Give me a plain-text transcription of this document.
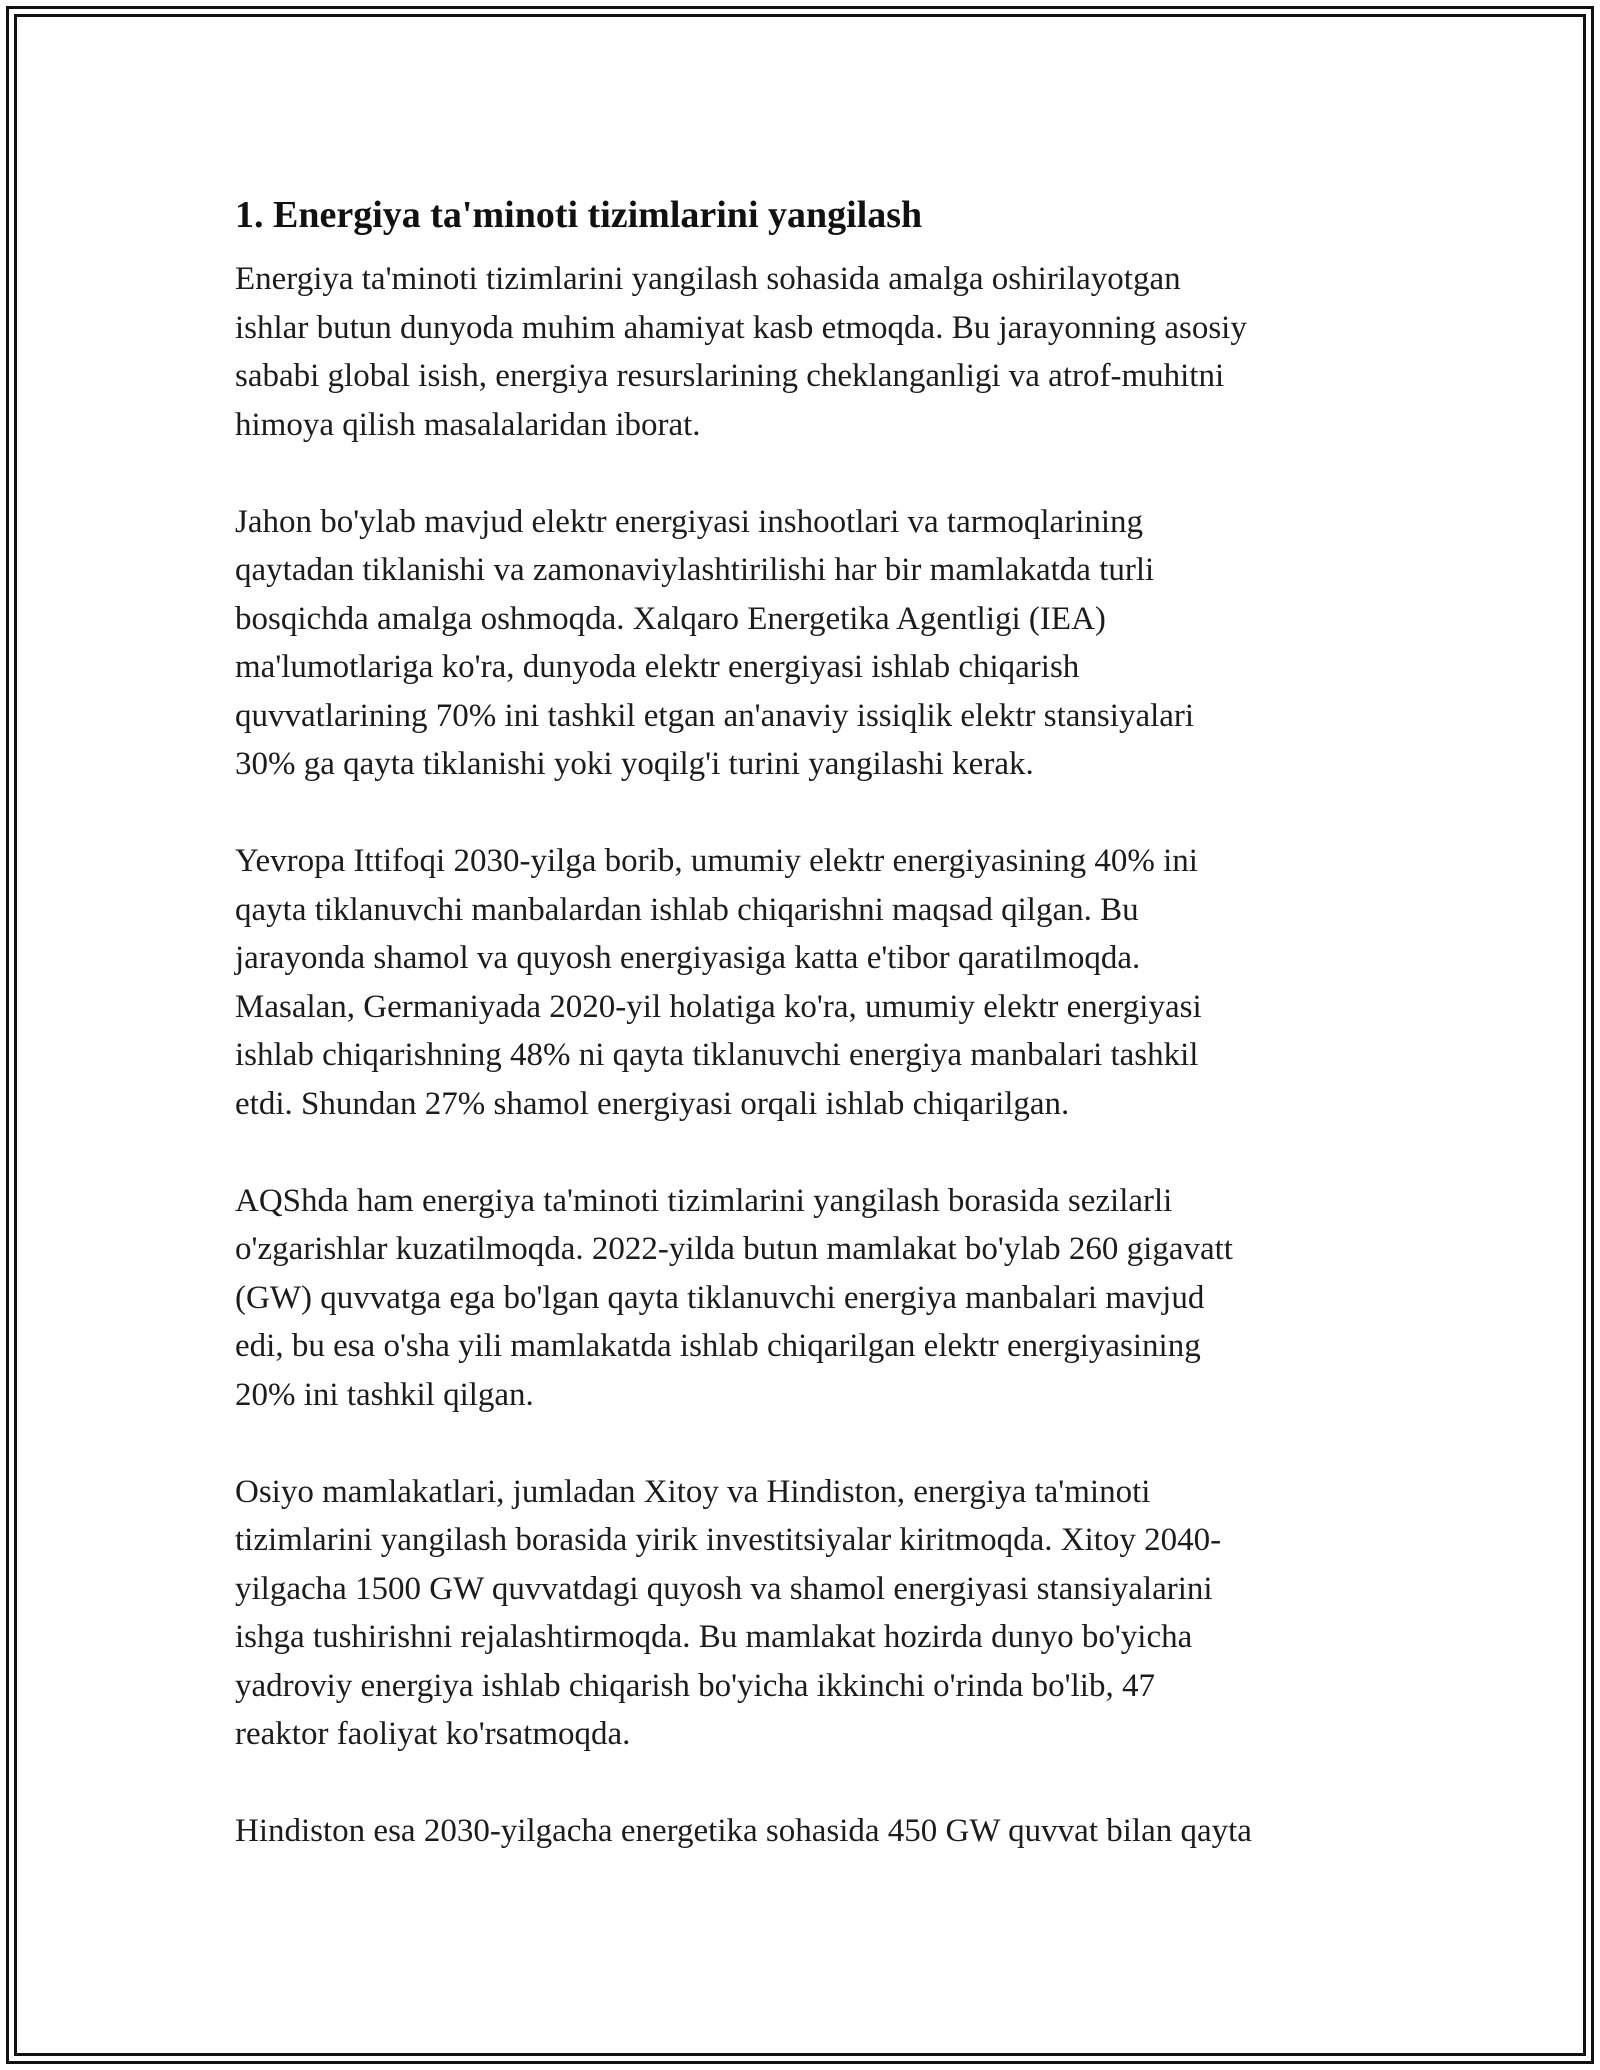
1. Energiya ta'minoti tizimlarini yangilash

Energiya ta'minoti tizimlarini yangilash sohasida amalga oshirilayotgan
ishlar butun dunyoda muhim ahamiyat kasb etmoqda. Bu jarayonning asosiy
sababi global isish, energiya resurslarining cheklanganligi va atrof-muhitni
himoya qilish masalalaridan iborat.

Jahon bo'ylab mavjud elektr energiyasi inshootlari va tarmoqlarining
qaytadan tiklanishi va zamonaviylashtirilishi har bir mamlakatda turli
bosqichda amalga oshmoqda. Xalqaro Energetika Agentligi (IEA)
ma'lumotlariga ko'ra, dunyoda elektr energiyasi ishlab chiqarish
quvvatlarining 70% ini tashkil etgan an'anaviy issiqlik elektr stansiyalari
30% ga qayta tiklanishi yoki yoqilg'i turini yangilashi kerak.

Yevropa Ittifoqi 2030-yilga borib, umumiy elektr energiyasining 40% ini
qayta tiklanuvchi manbalardan ishlab chiqarishni maqsad qilgan. Bu
jarayonda shamol va quyosh energiyasiga katta e'tibor qaratilmoqda.
Masalan, Germaniyada 2020-yil holatiga ko'ra, umumiy elektr energiyasi
ishlab chiqarishning 48% ni qayta tiklanuvchi energiya manbalari tashkil
etdi. Shundan 27% shamol energiyasi orqali ishlab chiqarilgan.

AQShda ham energiya ta'minoti tizimlarini yangilash borasida sezilarli
o'zgarishlar kuzatilmoqda. 2022-yilda butun mamlakat bo'ylab 260 gigavatt
(GW) quvvatga ega bo'lgan qayta tiklanuvchi energiya manbalari mavjud
edi, bu esa o'sha yili mamlakatda ishlab chiqarilgan elektr energiyasining
20% ini tashkil qilgan.

Osiyo mamlakatlari, jumladan Xitoy va Hindiston, energiya ta'minoti
tizimlarini yangilash borasida yirik investitsiyalar kiritmoqda. Xitoy 2040-
yilgacha 1500 GW quvvatdagi quyosh va shamol energiyasi stansiyalarini
ishga tushirishni rejalashtirmoqda. Bu mamlakat hozirda dunyo bo'yicha
yadroviy energiya ishlab chiqarish bo'yicha ikkinchi o'rinda bo'lib, 47
reaktor faoliyat ko'rsatmoqda.

Hindiston esa 2030-yilgacha energetika sohasida 450 GW quvvat bilan qayta
